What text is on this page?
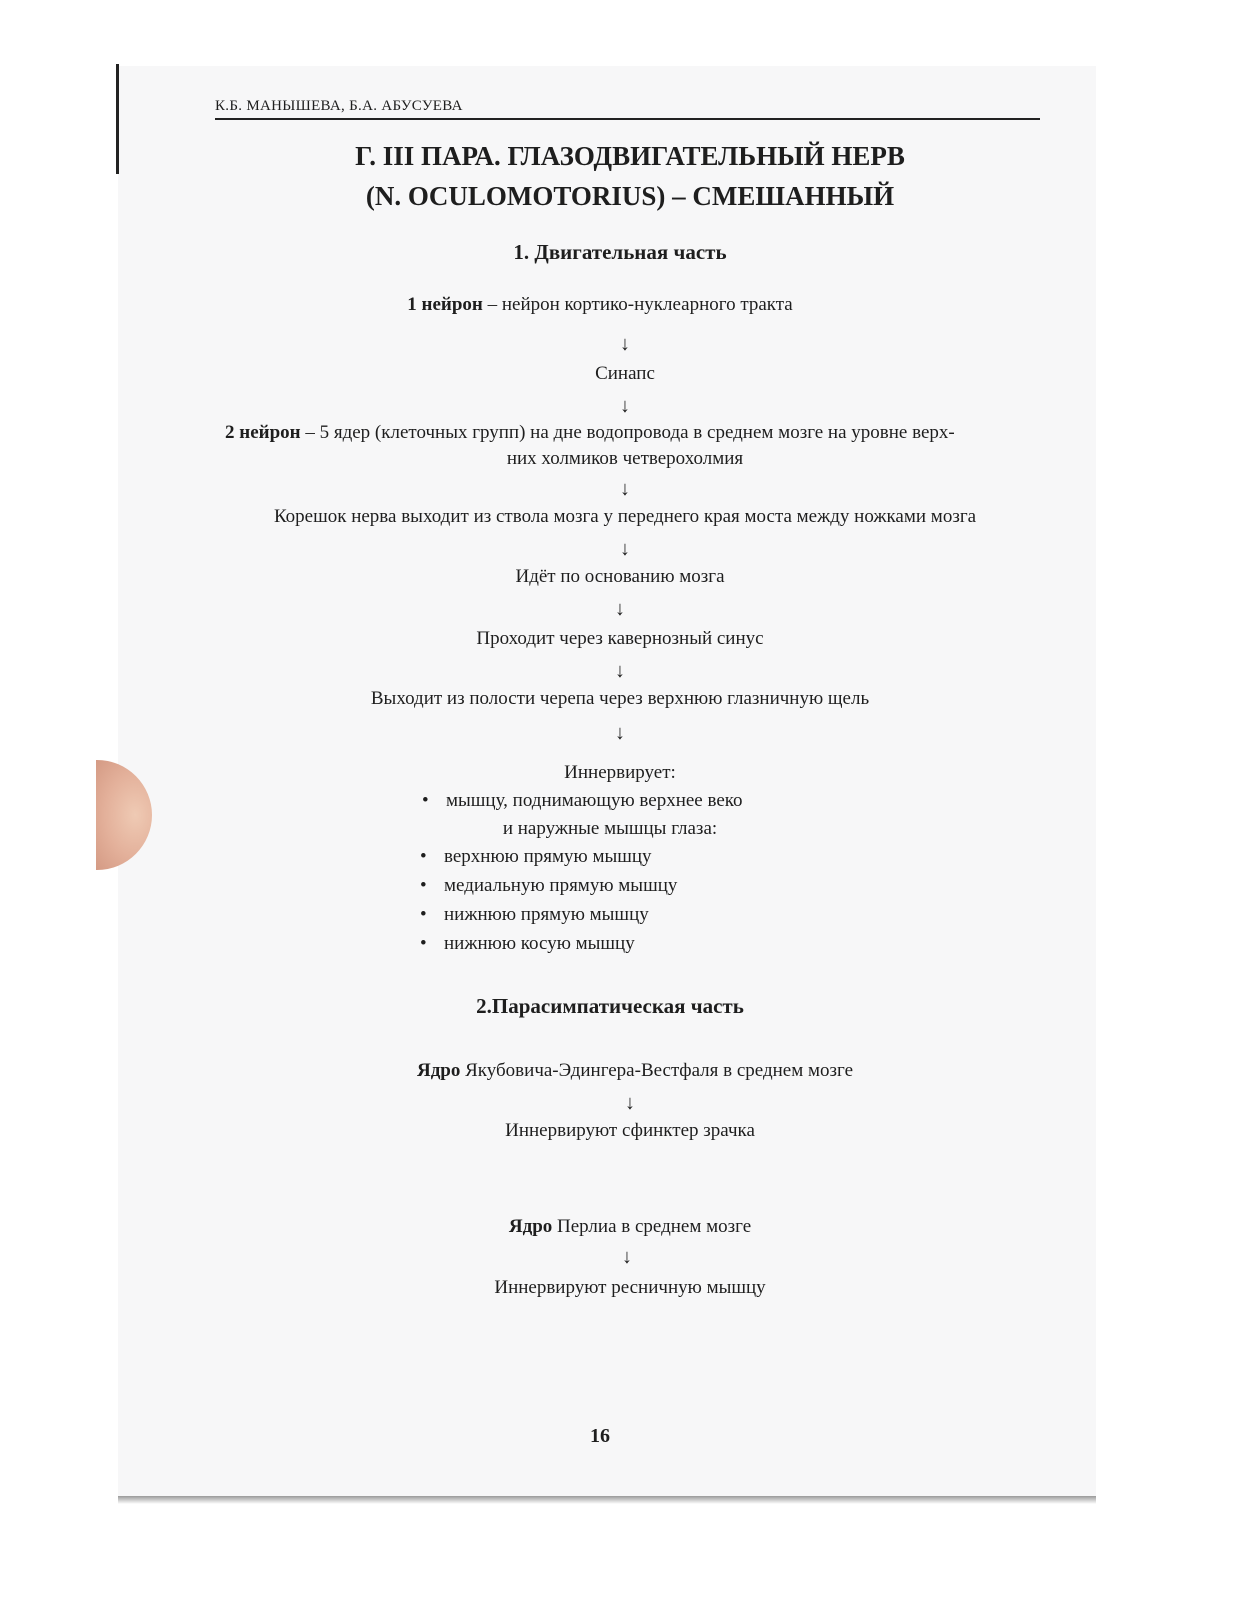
К.Б. МАНЫШЕВА, Б.А. АБУСУЕВА
Г. III ПАРА. ГЛАЗОДВИГАТЕЛЬНЫЙ НЕРВ
(N. OCULOMOTORIUS) – СМЕШАННЫЙ
1. Двигательная часть
1 нейрон – нейрон кортико-нуклеарного тракта
↓
Синапс
↓
2 нейрон – 5 ядер (клеточных групп) на дне водопровода в среднем мозге на уровне верх-
них холмиков четверохолмия
↓
Корешок нерва выходит из ствола мозга у переднего края моста между ножками мозга
↓
Идёт по основанию мозга
↓
Проходит через кавернозный синус
↓
Выходит из полости черепа через верхнюю глазничную щель
↓
Иннервирует:
• мышцу, поднимающую верхнее веко
и наружные мышцы глаза:
• верхнюю прямую мышцу
• медиальную прямую мышцу
• нижнюю прямую мышцу
• нижнюю косую мышцу
2.Парасимпатическая часть
Ядро Якубовича-Эдингера-Вестфаля в среднем мозге
↓
Иннервируют сфинктер зрачка
Ядро Перлиа в среднем мозге
↓
Иннервируют ресничную мышцу
16
